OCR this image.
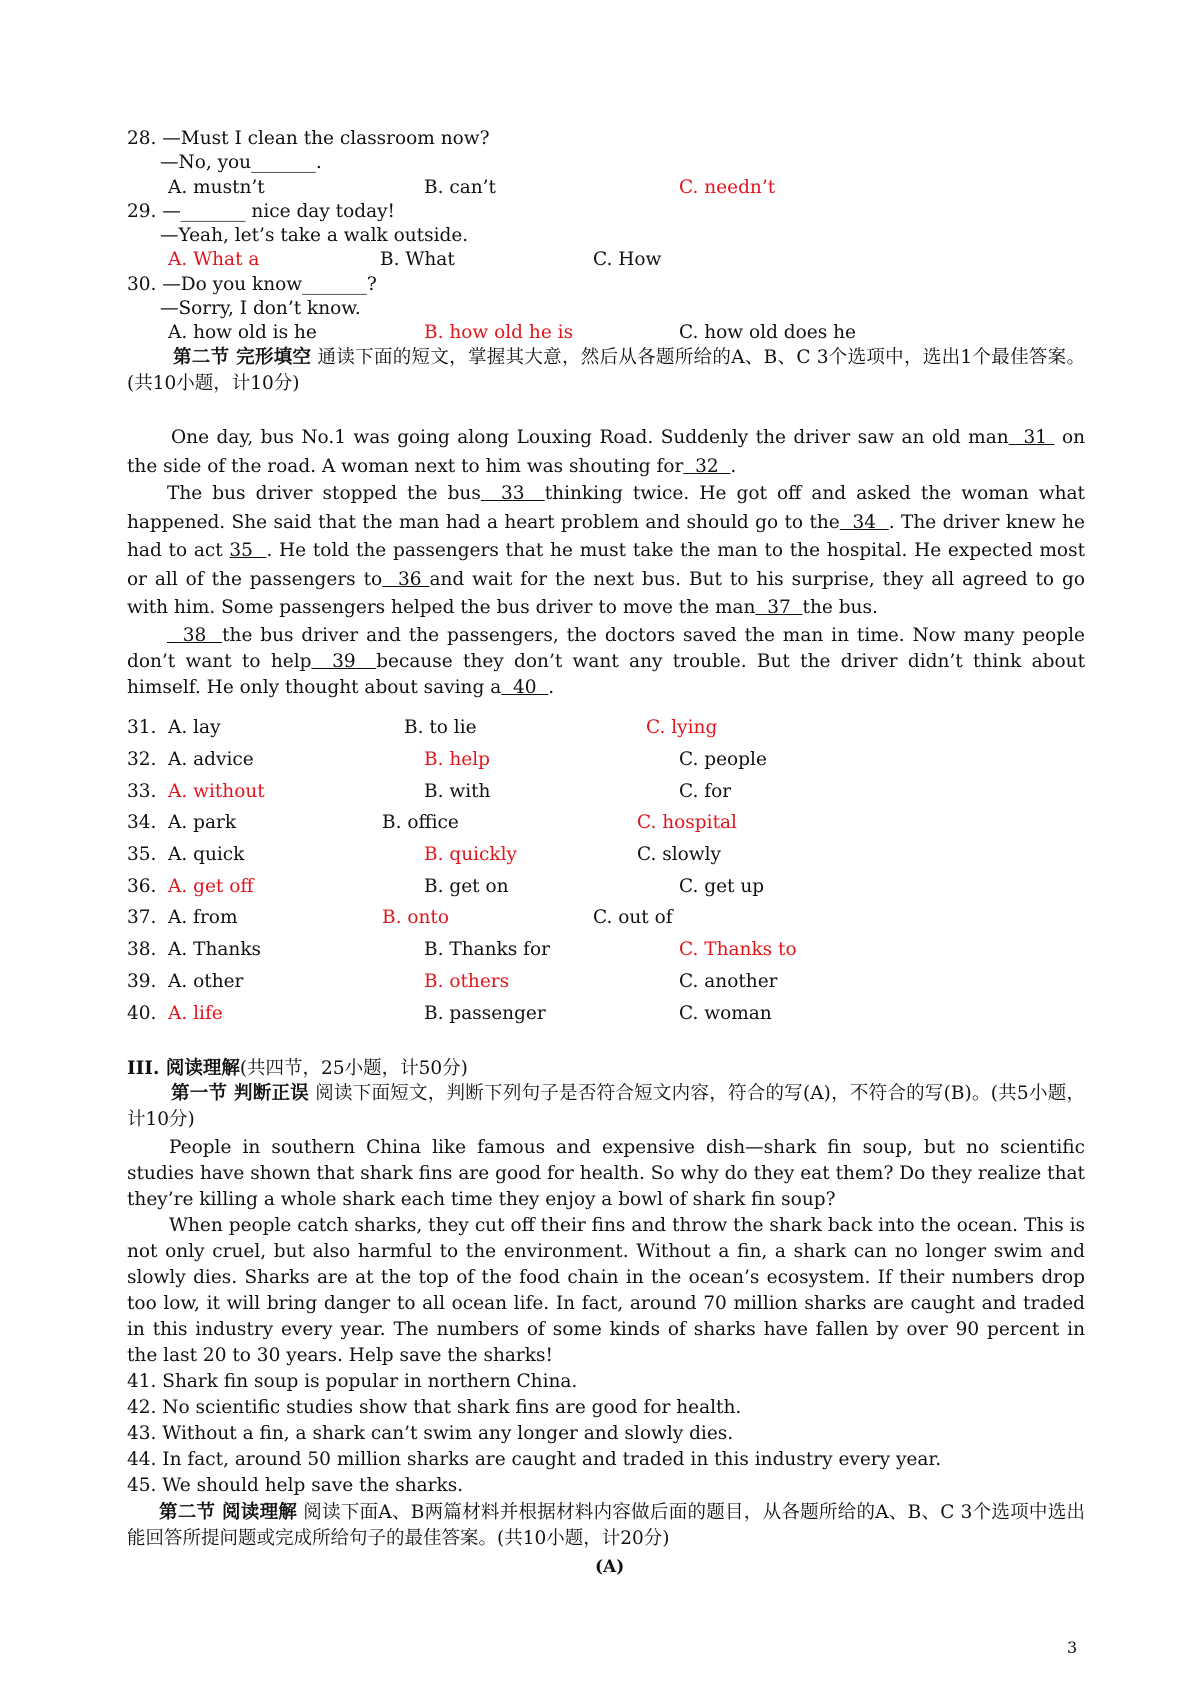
28. —Must I clean the classroom now?
—No, you_______.
A. mustn’t	B. can’t	C. needn’t
29. —_______ nice day today!
—Yeah, let’s take a walk outside.
A. What a	B. What	C. How
30. —Do you know_______?
—Sorry, I don’t know.
A. how old is he	B. how old he is	C. how old does he
第二节 完形填空 通读下面的短文，掌握其大意，然后从各题所给的A、B、C 3个选项中，选出1个最佳答案。(共10小题，计10分)
One day, bus No.1 was going along Louxing Road. Suddenly the driver saw an old man 31 on the side of the road. A woman next to him was shouting for 32 .
The bus driver stopped the bus 33 thinking twice. He got off and asked the woman what happened. She said that the man had a heart problem and should go to the 34 . The driver knew he had to act 35 . He told the passengers that he must take the man to the hospital. He expected most or all of the passengers to 36 and wait for the next bus. But to his surprise, they all agreed to go with him. Some passengers helped the bus driver to move the man 37 the bus.
38 the bus driver and the passengers, the doctors saved the man in time. Now many people don’t want to help 39 because they don’t want any trouble. But the driver didn’t think about himself. He only thought about saving a 40 .
31. A. lay	B. to lie	C. lying
32. A. advice	B. help	C. people
33. A. without	B. with	C. for
34. A. park	B. office	C. hospital
35. A. quick	B. quickly	C. slowly
36. A. get off	B. get on	C. get up
37. A. from	B. onto	C. out of
38. A. Thanks	B. Thanks for	C. Thanks to
39. A. other	B. others	C. another
40. A. life	B. passenger	C. woman
III. 阅读理解(共四节，25小题，计50分)
第一节 判断正误 阅读下面短文，判断下列句子是否符合短文内容，符合的写(A)，不符合的写(B)。(共5小题，计10分)
People in southern China like famous and expensive dish—shark fin soup, but no scientific studies have shown that shark fins are good for health. So why do they eat them? Do they realize that they’re killing a whole shark each time they enjoy a bowl of shark fin soup?
When people catch sharks, they cut off their fins and throw the shark back into the ocean. This is not only cruel, but also harmful to the environment. Without a fin, a shark can no longer swim and slowly dies. Sharks are at the top of the food chain in the ocean’s ecosystem. If their numbers drop too low, it will bring danger to all ocean life. In fact, around 70 million sharks are caught and traded in this industry every year. The numbers of some kinds of sharks have fallen by over 90 percent in the last 20 to 30 years. Help save the sharks!
41. Shark fin soup is popular in northern China.
42. No scientific studies show that shark fins are good for health.
43. Without a fin, a shark can’t swim any longer and slowly dies.
44. In fact, around 50 million sharks are caught and traded in this industry every year.
45. We should help save the sharks.
第二节 阅读理解 阅读下面A、B两篇材料并根据材料内容做后面的题目，从各题所给的A、B、C 3个选项中选出能回答所提问题或完成所给句子的最佳答案。(共10小题，计20分)
(A)
3
